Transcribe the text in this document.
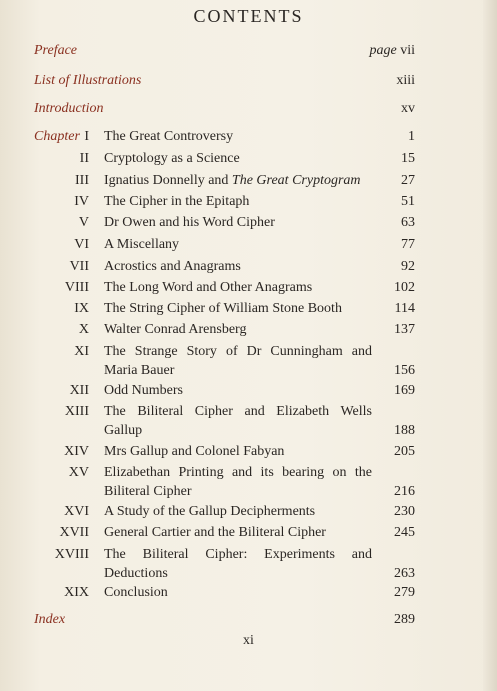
CONTENTS
Preface	page vii
List of Illustrations	xiii
Introduction	xv
Chapter I The Great Controversy	1
II Cryptology as a Science	15
III Ignatius Donnelly and The Great Cryptogram	27
IV The Cipher in the Epitaph	51
V Dr Owen and his Word Cipher	63
VI A Miscellany	77
VII Acrostics and Anagrams	92
VIII The Long Word and Other Anagrams	102
IX The String Cipher of William Stone Booth	114
X Walter Conrad Arensberg	137
XI The Strange Story of Dr Cunningham and
Maria Bauer	156
XII Odd Numbers	169
XIII The Biliteral Cipher and Elizabeth Wells
Gallup	188
XIV Mrs Gallup and Colonel Fabyan	205
XV Elizabethan Printing and its bearing on the
Biliteral Cipher	216
XVI A Study of the Gallup Decipherments	230
XVII General Cartier and the Biliteral Cipher	245
XVIII The Biliteral Cipher: Experiments and
Deductions	263
XIX Conclusion	279
Index	289
xi
